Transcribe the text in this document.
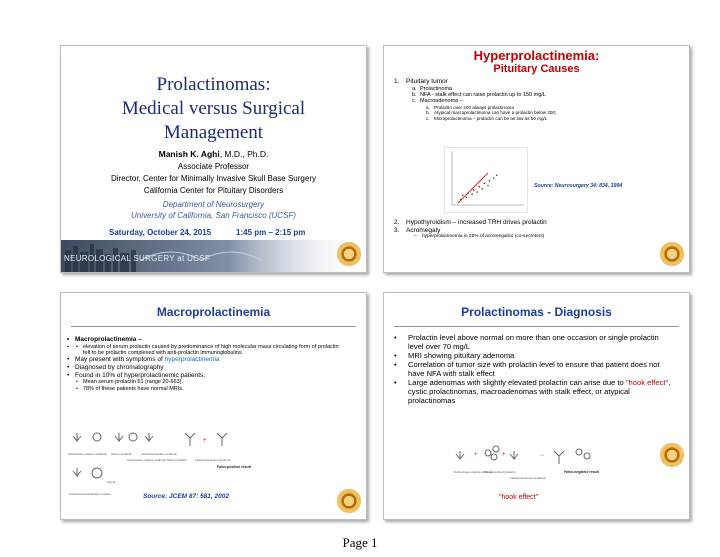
Prolactinomas:
Medical versus Surgical
Management
Manish K. Aghi, M.D., Ph.D.
Associate Professor
Director, Center for Minimally Invasive Skull Base Surgery
California Center for Pituitary Disorders
Department of Neurosurgery
University of California, San Francisco (UCSF)
Saturday, October 24, 2015	1:45 pm – 2:15 pm
NEUROLOGICAL SURGERY at UCSF
Hyperprolactinemia:
Pituitary Causes
1. Pituitary tumor
a. Prolactinoma
b. NFA - stalk effect can raise prolactin up to 150 mg/L
c. Macroadenoma –
a. Prolactin over 200 always prolactinoma
b. Atypical macroprolactinoma can have a prolactin below 200;
c. Microprolactinoma – prolactin can be as low as 50 mg/L
Source: Neurosurgery 34: 834, 1994
2. Hypothyroidism – increased TRH drives prolactin
3. Acromegaly
– hyperprolactinemia in 25% of acromegalics (co-secreters)
Macroprolactinemia
• Macroprolactinemia –
▪ ▪ elevation of serum prolactin caused by predominance of high molecular mass circulating form of prolactin felt to be prolactin complexed with anti-prolactin immunoglobulins.
• May present with symptoms of hyperprolactinemia
• Diagnosed by chromatography
• Found in 10% of hyperprolactinemic patients.
• Mean serum prolactin 61 (range 20-663).
• 78% of these patients have normal MRIs.
+
Solid-phase capture antibody Serum prolactin	Labeled detection antibody
Solid-phase capture antibody Macroprolactin	Labeled detection antibody
False-positive result
Signal
Prolactin-autoantibody complex	Source: JCEM 87: 581, 2002
Prolactinomas - Diagnosis
• Prolactin level above normal on more than one occasion or single prolactin level over 70 mg/L
• MRI showing pituitary adenoma
• Correlation of tumor size with prolactin level to ensure that patient does not have NFA with stalk effect
• Large adenomas with slightly elevated prolactin can arise due to "hook effect", cystic prolactinomas, macroadenomas with stalk effect, or atypical prolactinomas
+	+	→
Solid-phase capture antibody
Tumor-derived prolactin
Labeled detection antibody
False-negative result
"hook effect"
Page 1
